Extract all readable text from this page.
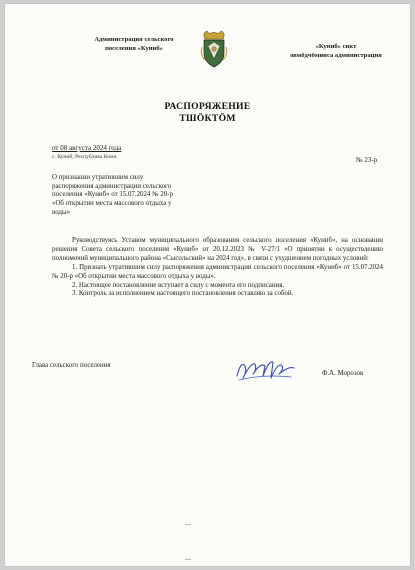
Администрация сельского
поселения «Куниб»	«Куниб» сикт
овмӧдчӧминса администрация
РАСПОРЯЖЕНИЕ
ТШӦКТӦМ
от 08 августа 2024 года
с. Куниб, Республика Коми	№ 23-р
О признании утратившим силу распоряжения администрации сельского поселения «Куниб» от 15.07.2024 № 20-р «Об открытии места массового отдыха у воды»

Руководствуясь Уставом муниципального образования сельского поселения «Куниб», на основании решения Совета сельского поселения «Куниб» от 20.12.2023 № V-27/1 «О принятии к осуществлению полномочий муниципального района «Сысольский» на 2024 год», в связи с ухудшением погодных условий:

1. Признать утратившим силу распоряжения администрации сельского поселения «Куниб» от 15.07.2024 № 20-р «Об открытии места массового отдыха у воды».

2. Настоящее постановление вступает в силу с момента его подписания.

3. Контроль за исполнением настоящего постановления оставляю за собой.

Глава сельского поселения
Ф.А. Морозов
